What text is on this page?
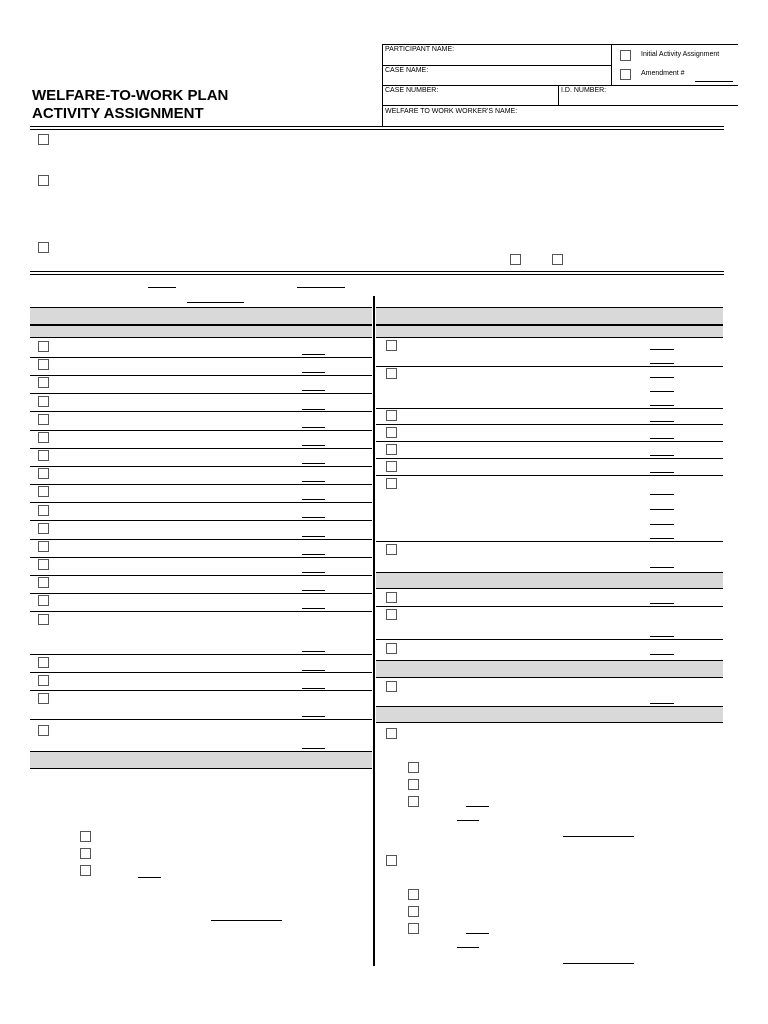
WELFARE-TO-WORK PLAN
ACTIVITY ASSIGNMENT
PARTICIPANT NAME:
CASE NAME:
CASE NUMBER:	I.D. NUMBER:
WELFARE TO WORK WORKER'S NAME:
Initial Activity Assignment
Amendment #
